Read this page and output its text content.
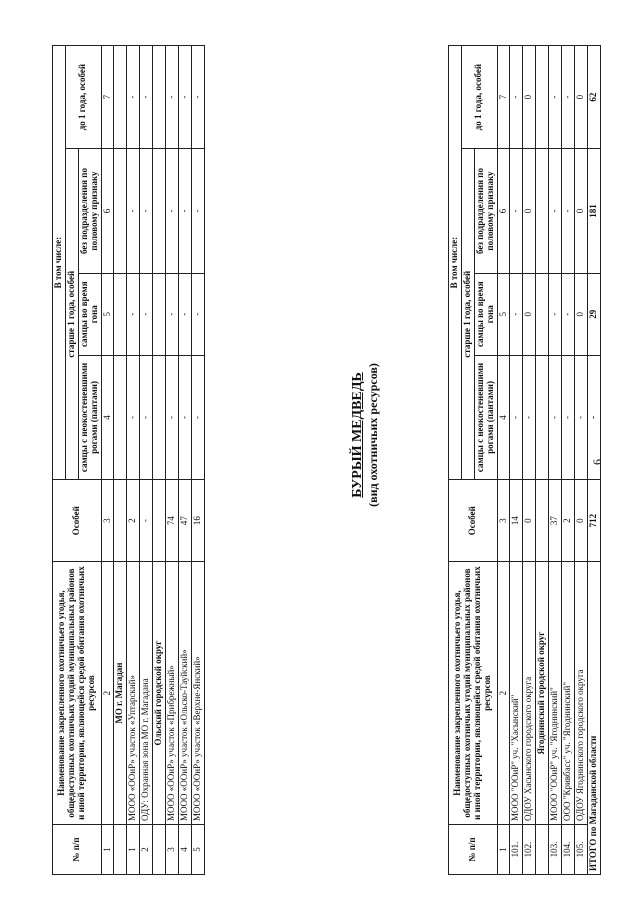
6
№ п/п	Наименование закрепленного охотничьего угодья, общедоступных охотничьих угодий муниципальных районов и иной территории, являющейся средой обитания охотничьих ресурсов	Особей	В том числе:			
			старше 1 года, особей			до 1 года, особей
			самцы с неокостеневшими рогами (пантами)	самцы во время гона	без подразделения по половому признаку	
1	2	3	4	5	6	7
101.	МООО "ООиР" уч. "Хасынский"	14	-	-	-	-
102.	ОДОУ Хасынского городского округа	0	-	0	0	0
	Ягоднинский городской округ					
103.	МООО "ООиР" уч. "Ягоднинский"	37	-	-	-	-
104.	ООО "Кривбасс" уч. "Ягоднинский"	2	-	-	-	-
105.	ОДОУ Ягоднинского городского округа	0	-	0	0	0
ИТОГО по Магаданской области		712	-	29	181	62
БУРЫЙ МЕДВЕДЬ (вид охотничьих ресурсов)
№ п/п	Наименование закрепленного охотничьего угодья, общедоступных охотничьих угодий муниципальных районов и иной территории, являющейся средой обитания охотничьих ресурсов	Особей	В том числе:			
			старше 1 года, особей			до 1 года, особей
			самцы с неокостеневшими рогами (пантами)	самцы во время гона	без подразделения по половому признаку	
1	2	3	4	5	6	7
	МО г. Магадан					
1	МООО «ООиР» участок «Уптарский»	2	-	-	-	-
2	ОДУ: Охранная зона МО г. Магадана	-	-	-	-	-
	Ольский городской округ					
3	МООО «ООиР» участок «Прибрежный»	74	-	-	-	-
4	МООО «ООиР» участок «Ольско-Тауйский»	47	-	-	-	-
5	МООО «ООиР» участок «Верхне-Янский»	16	-	-	-	-
